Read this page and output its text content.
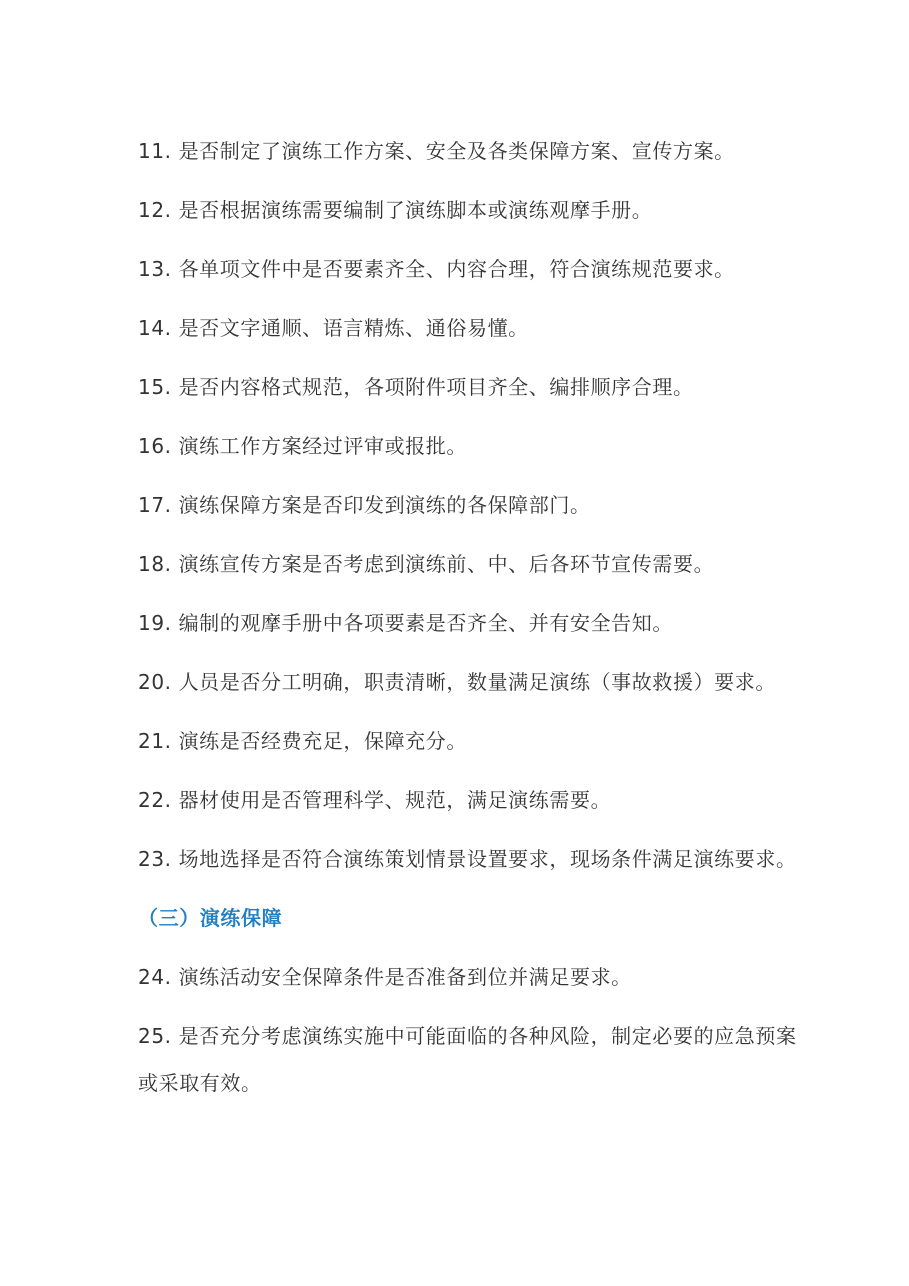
11. 是否制定了演练工作方案、安全及各类保障方案、宣传方案。

12. 是否根据演练需要编制了演练脚本或演练观摩手册。

13. 各单项文件中是否要素齐全、内容合理，符合演练规范要求。

14. 是否文字通顺、语言精炼、通俗易懂。

15. 是否内容格式规范，各项附件项目齐全、编排顺序合理。

16. 演练工作方案经过评审或报批。

17. 演练保障方案是否印发到演练的各保障部门。

18. 演练宣传方案是否考虑到演练前、中、后各环节宣传需要。

19. 编制的观摩手册中各项要素是否齐全、并有安全告知。

20. 人员是否分工明确，职责清晰，数量满足演练（事故救援）要求。

21. 演练是否经费充足，保障充分。

22. 器材使用是否管理科学、规范，满足演练需要。

23. 场地选择是否符合演练策划情景设置要求，现场条件满足演练要求。

（三）演练保障

24. 演练活动安全保障条件是否准备到位并满足要求。

25. 是否充分考虑演练实施中可能面临的各种风险，制定必要的应急预案或采取有效。
